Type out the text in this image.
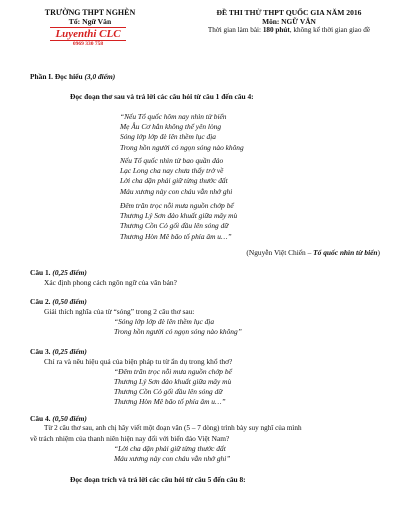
TRƯỜNG THPT NGHÈN
Tổ: Ngữ Văn
Luyenthi CLC
0969 330 758
ĐỀ THI THỬ THPT QUỐC GIA NĂM 2016
Môn: NGỮ VĂN
Thời gian làm bài: 180 phút, không kể thời gian giao đề
Phần I. Đọc hiểu (3,0 điểm)
Đọc đoạn thơ sau và trả lời các câu hỏi từ câu 1 đến câu 4:
“Nếu Tổ quốc hôm nay nhìn từ biển
Mẹ Âu Cơ hẳn không thể yên lòng
Sóng lớp lớp đè lên thềm lục địa
Trong hồn người có ngọn sóng nào không
Nếu Tổ quốc nhìn từ bao quần đảo
Lạc Long cha nay chưa thấy trở về
Lời cha dặn phải giữ từng thước đất
Máu xương này con cháu vẫn nhớ ghi
Đêm trăn trọc nỗi mưa nguồn chớp bể
Thương Lý Sơn đảo khuất giữa mây mù
Thương Cồn Cỏ gối đầu lên sóng dữ
Thương Hòn Mê bão tố phía âm u…”
(Nguyễn Việt Chiến – Tổ quốc nhìn từ biển)
Câu 1. (0,25 điểm)
Xác định phong cách ngôn ngữ của văn bản?
Câu 2. (0,50 điểm)
Giải thích nghĩa của từ “sóng” trong 2 câu thơ sau:
“Sóng lớp lớp đè lên thềm lục địa
Trong hồn người có ngọn sóng nào không”
Câu 3. (0,25 điểm)
Chỉ ra và nêu hiệu quả của biện pháp tu từ ẩn dụ trong khổ thơ?
“Đêm trăn trọc nỗi mưa nguồn chớp bể
Thương Lý Sơn đảo khuất giữa mây mù
Thương Cồn Cỏ gối đầu lên sóng dữ
Thương Hòn Mê bão tố phía âm u…”
Câu 4. (0,50 điểm)
Từ 2 câu thơ sau, anh chị hãy viết một đoạn văn (5 – 7 dòng) trình bày suy nghĩ của mình
về trách nhiệm của thanh niên hiện nay đối với biển đảo Việt Nam?
“Lời cha dặn phải giữ từng thước đất
Máu xương này con cháu vẫn nhớ ghi”
Đọc đoạn trích và trả lời các câu hỏi từ câu 5 đến câu 8:
